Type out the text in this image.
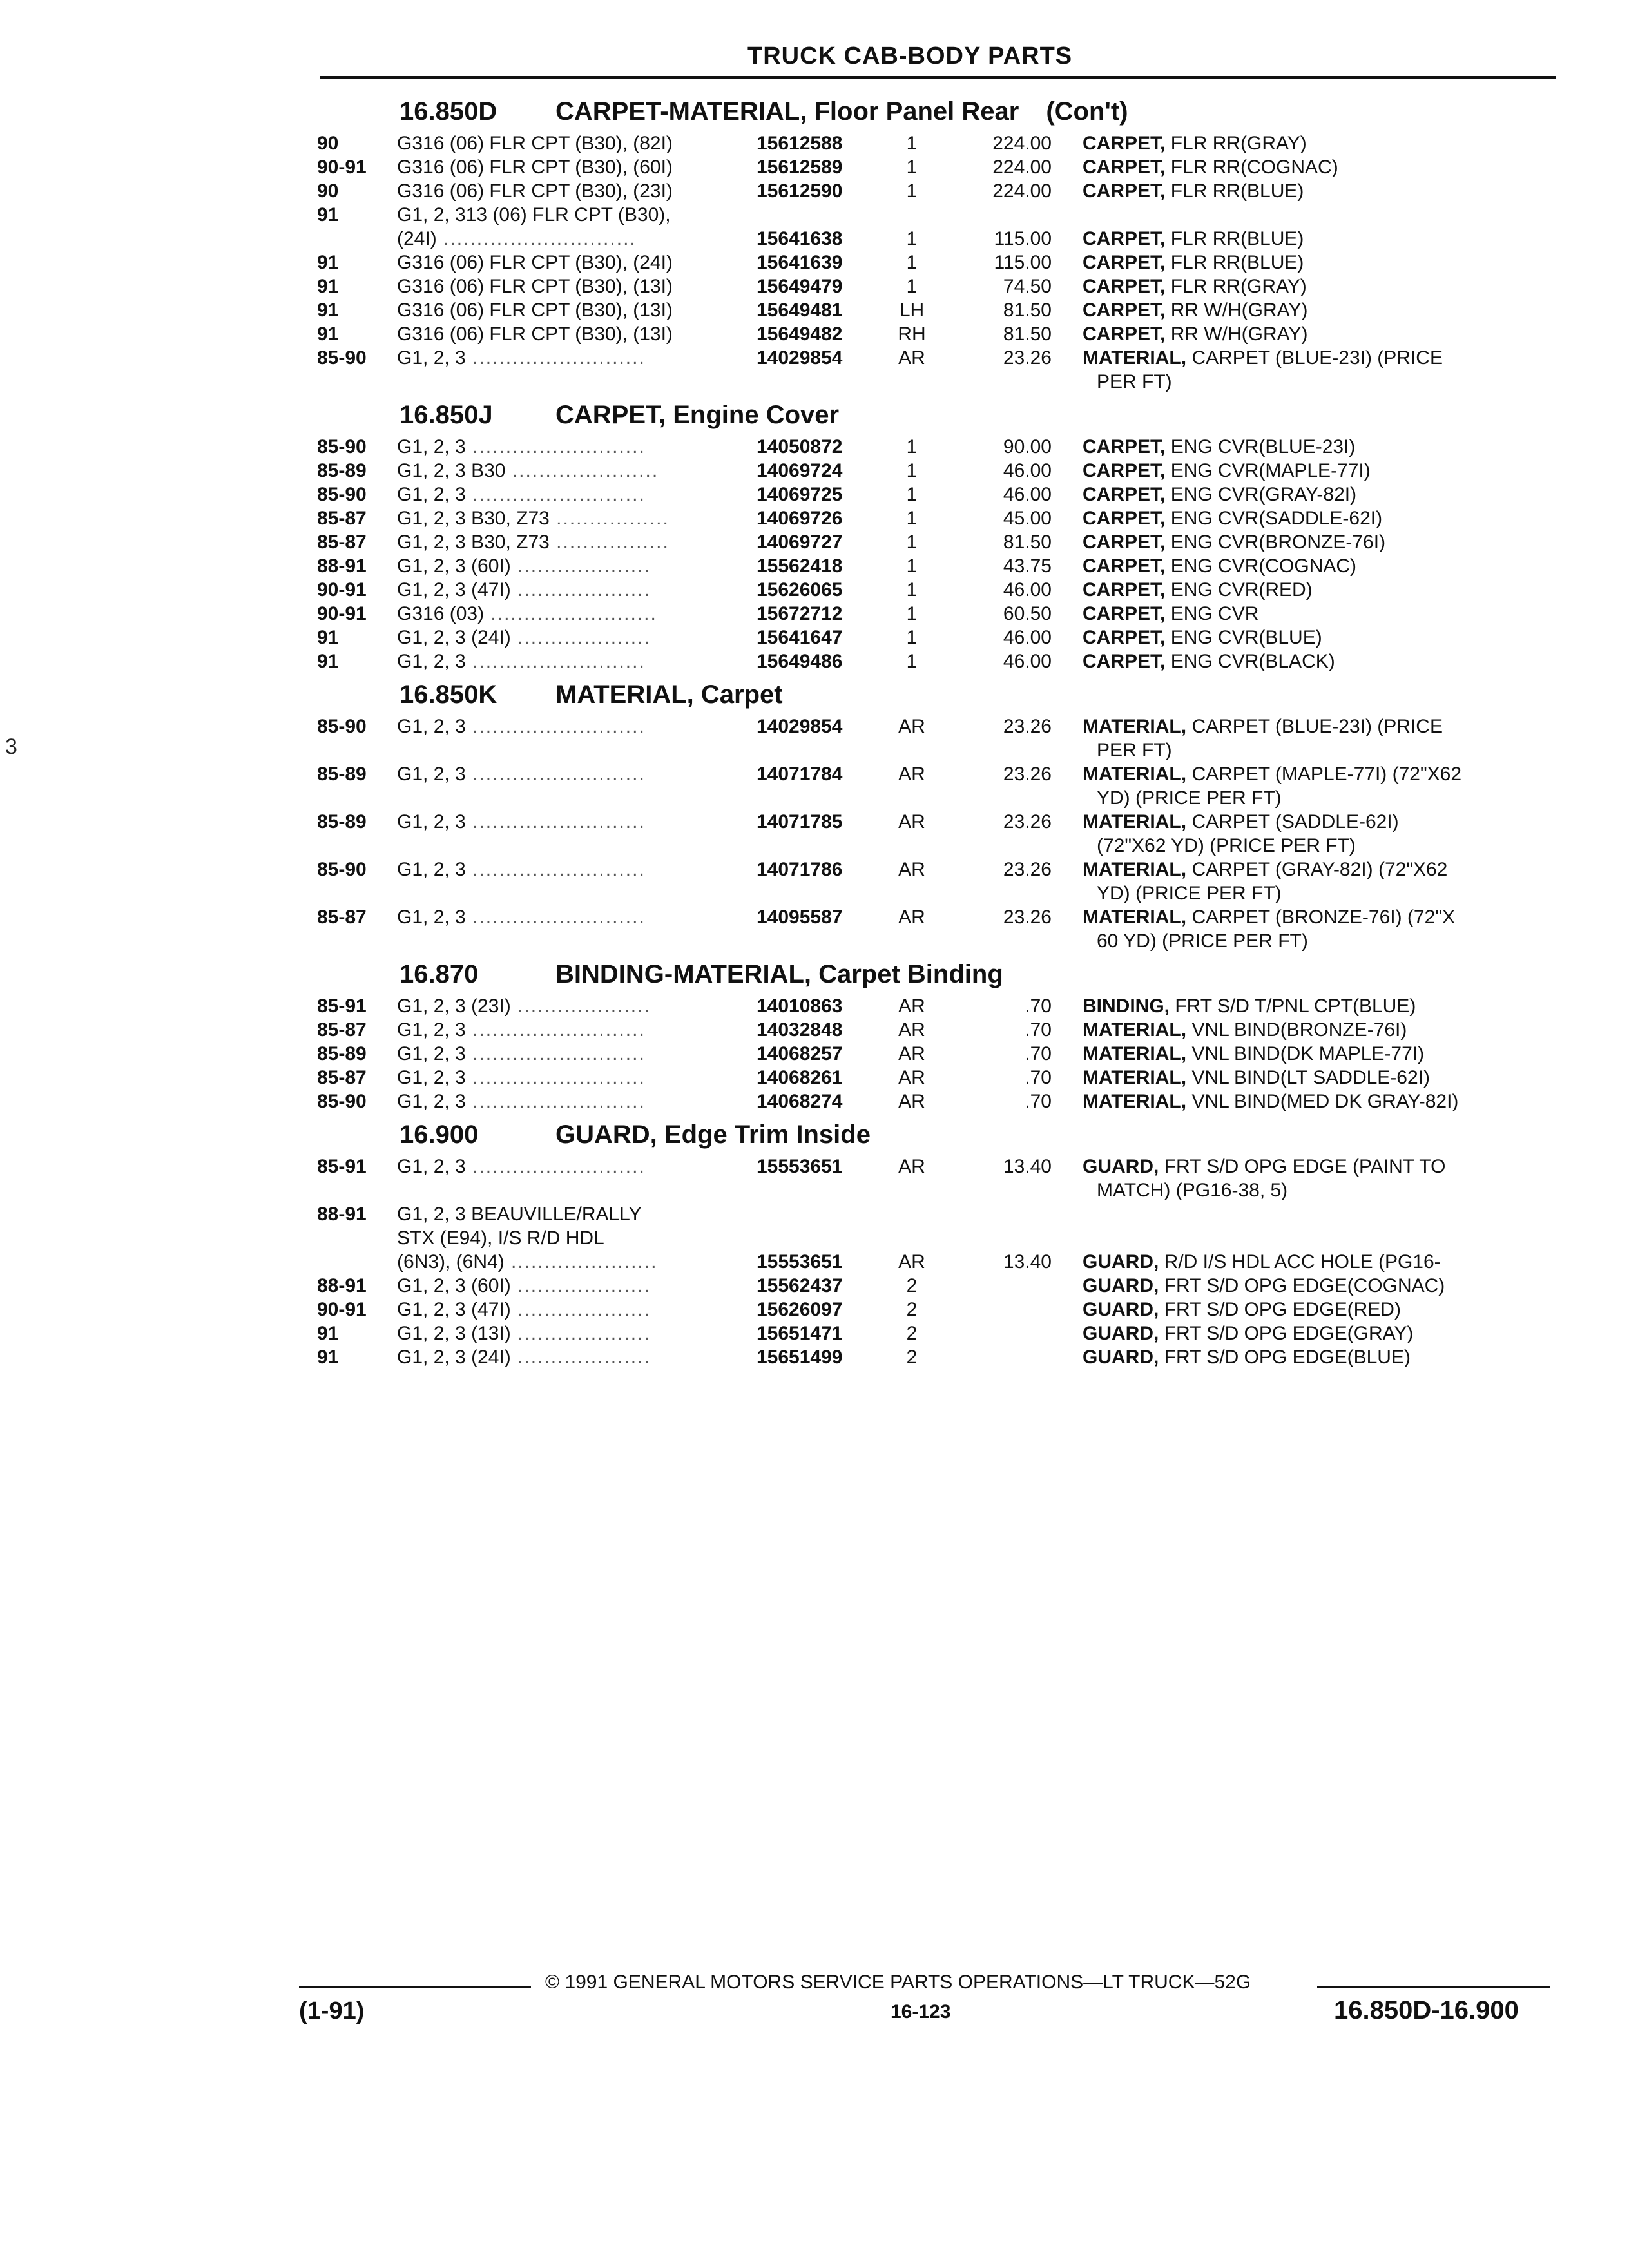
TRUCK CAB-BODY PARTS
16.850D CARPET-MATERIAL, Floor Panel Rear (Con't)
90	G316 (06) FLR CPT (B30), (82I)	15612588	1	224.00 CARPET, FLR RR(GRAY)
90-91 G316 (06) FLR CPT (B30), (60I)	15612589	1	224.00 CARPET, FLR RR(COGNAC)
90	G316 (06) FLR CPT (B30), (23I)	15612590	1	224.00 CARPET, FLR RR(BLUE)
91	G1, 2, 313 (06) FLR CPT (B30),
(24I) .............................	15641638	1	115.00 CARPET, FLR RR(BLUE)
91	G316 (06) FLR CPT (B30), (24I)	15641639	1	115.00 CARPET, FLR RR(BLUE)
91	G316 (06) FLR CPT (B30), (13I)	15649479	1	74.50 CARPET, FLR RR(GRAY)
91	G316 (06) FLR CPT (B30), (13I)	15649481	LH	81.50 CARPET, RR W/H(GRAY)
91	G316 (06) FLR CPT (B30), (13I)	15649482	RH	81.50 CARPET, RR W/H(GRAY)
85-90 G1, 2, 3 ..........................	14029854	AR	23.26 MATERIAL, CARPET (BLUE-23I) (PRICE
PER FT)
16.850J CARPET, Engine Cover
85-90 G1, 2, 3 ..........................	14050872	1	90.00 CARPET, ENG CVR(BLUE-23I)
85-89 G1, 2, 3 B30 ......................	14069724	1	46.00 CARPET, ENG CVR(MAPLE-77I)
85-90 G1, 2, 3 ..........................	14069725	1	46.00 CARPET, ENG CVR(GRAY-82I)
85-87 G1, 2, 3 B30, Z73 .................	14069726	1	45.00 CARPET, ENG CVR(SADDLE-62I)
85-87 G1, 2, 3 B30, Z73 .................	14069727	1	81.50 CARPET, ENG CVR(BRONZE-76I)
88-91 G1, 2, 3 (60I) ....................	15562418	1	43.75 CARPET, ENG CVR(COGNAC)
90-91 G1, 2, 3 (47I) ....................	15626065	1	46.00 CARPET, ENG CVR(RED)
90-91 G316 (03) .........................	15672712	1	60.50 CARPET, ENG CVR
91	G1, 2, 3 (24I) ....................	15641647	1	46.00 CARPET, ENG CVR(BLUE)
91	G1, 2, 3 ..........................	15649486	1	46.00 CARPET, ENG CVR(BLACK)
16.850K MATERIAL, Carpet
85-90 G1, 2, 3 ..........................	14029854	AR	23.26 MATERIAL, CARPET (BLUE-23I) (PRICE
PER FT)
85-89 G1, 2, 3 ..........................	14071784	AR	23.26 MATERIAL, CARPET (MAPLE-77I) (72"X62
YD) (PRICE PER FT)
85-89 G1, 2, 3 ..........................	14071785	AR	23.26 MATERIAL, CARPET (SADDLE-62I)
(72"X62 YD) (PRICE PER FT)
85-90 G1, 2, 3 ..........................	14071786	AR	23.26 MATERIAL, CARPET (GRAY-82I) (72"X62
YD) (PRICE PER FT)
85-87 G1, 2, 3 ..........................	14095587	AR	23.26 MATERIAL, CARPET (BRONZE-76I) (72"X
60 YD) (PRICE PER FT)
16.870	BINDING-MATERIAL, Carpet Binding
85-91 G1, 2, 3 (23I) ....................	14010863	AR	.70 BINDING, FRT S/D T/PNL CPT(BLUE)
85-87 G1, 2, 3 ..........................	14032848	AR	.70 MATERIAL, VNL BIND(BRONZE-76I)
85-89 G1, 2, 3 ..........................	14068257	AR	.70 MATERIAL, VNL BIND(DK MAPLE-77I)
85-87 G1, 2, 3 ..........................	14068261	AR	.70 MATERIAL, VNL BIND(LT SADDLE-62I)
85-90 G1, 2, 3 ..........................	14068274	AR	.70 MATERIAL, VNL BIND(MED DK GRAY-82I)
16.900	GUARD, Edge Trim Inside
85-91 G1, 2, 3 ..........................	15553651	AR	13.40 GUARD, FRT S/D OPG EDGE (PAINT TO
MATCH) (PG16-38, 5)
88-91 G1, 2, 3 BEAUVILLE/RALLY
STX (E94), I/S R/D HDL
(6N3), (6N4) ......................	15553651	AR	13.40 GUARD, R/D I/S HDL ACC HOLE (PG16-
88-91 G1, 2, 3 (60I) ....................	15562437	2	GUARD, FRT S/D OPG EDGE(COGNAC)
90-91 G1, 2, 3 (47I) ....................	15626097	2	GUARD, FRT S/D OPG EDGE(RED)
91	G1, 2, 3 (13I) ....................	15651471	2	GUARD, FRT S/D OPG EDGE(GRAY)
91	G1, 2, 3 (24I) ....................	15651499	2	GUARD, FRT S/D OPG EDGE(BLUE)
3
© 1991 GENERAL MOTORS SERVICE PARTS OPERATIONS—LT TRUCK—52G
(1-91)	16-123	16.850D-16.900
